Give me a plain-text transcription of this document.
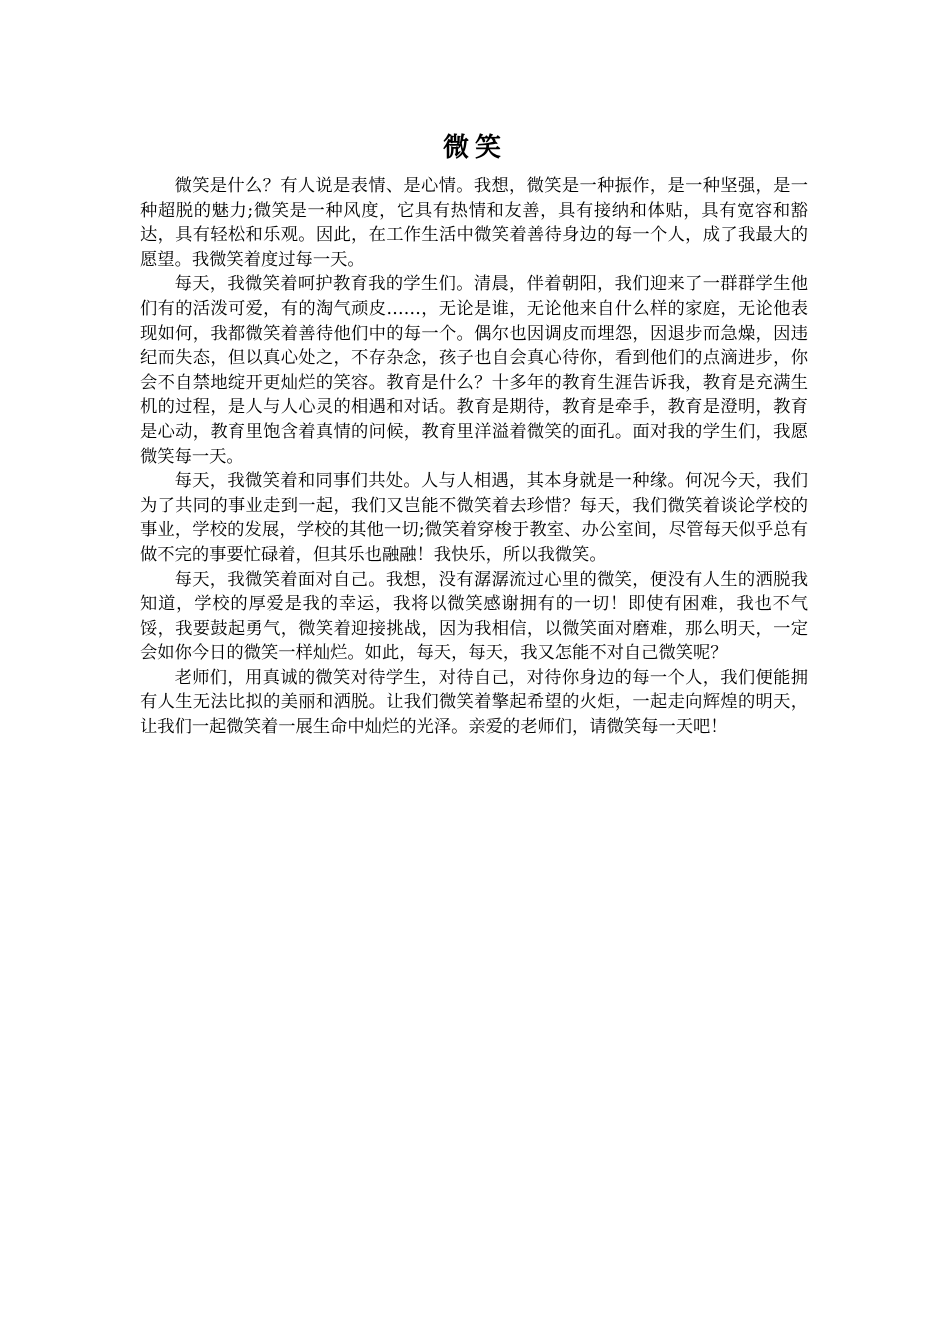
微笑

微笑是什么？有人说是表情、是心情。我想，微笑是一种振作，是一种坚强，是一种超脱的魅力;微笑是一种风度，它具有热情和友善，具有接纳和体贴，具有宽容和豁达，具有轻松和乐观。因此，在工作生活中微笑着善待身边的每一个人，成了我最大的愿望。我微笑着度过每一天。

每天，我微笑着呵护教育我的学生们。清晨，伴着朝阳，我们迎来了一群群学生他们有的活泼可爱，有的淘气顽皮……，无论是谁，无论他来自什么样的家庭，无论他表现如何，我都微笑着善待他们中的每一个。偶尔也因调皮而埋怨，因退步而急燥，因违纪而失态，但以真心处之，不存杂念，孩子也自会真心待你，看到他们的点滴进步，你会不自禁地绽开更灿烂的笑容。教育是什么？十多年的教育生涯告诉我，教育是充满生机的过程，是人与人心灵的相遇和对话。教育是期待，教育是牵手，教育是澄明，教育是心动，教育里饱含着真情的问候，教育里洋溢着微笑的面孔。面对我的学生们，我愿微笑每一天。

每天，我微笑着和同事们共处。人与人相遇，其本身就是一种缘。何况今天，我们为了共同的事业走到一起，我们又岂能不微笑着去珍惜？每天，我们微笑着谈论学校的事业，学校的发展，学校的其他一切;微笑着穿梭于教室、办公室间，尽管每天似乎总有做不完的事要忙碌着，但其乐也融融！我快乐，所以我微笑。

每天，我微笑着面对自己。我想，没有潺潺流过心里的微笑，便没有人生的洒脱我知道，学校的厚爱是我的幸运，我将以微笑感谢拥有的一切！即使有困难，我也不气馁，我要鼓起勇气，微笑着迎接挑战，因为我相信，以微笑面对磨难，那么明天，一定会如你今日的微笑一样灿烂。如此，每天，每天，我又怎能不对自己微笑呢？

老师们，用真诚的微笑对待学生，对待自己，对待你身边的每一个人，我们便能拥有人生无法比拟的美丽和洒脱。让我们微笑着擎起希望的火炬，一起走向辉煌的明天，让我们一起微笑着一展生命中灿烂的光泽。亲爱的老师们，请微笑每一天吧！
